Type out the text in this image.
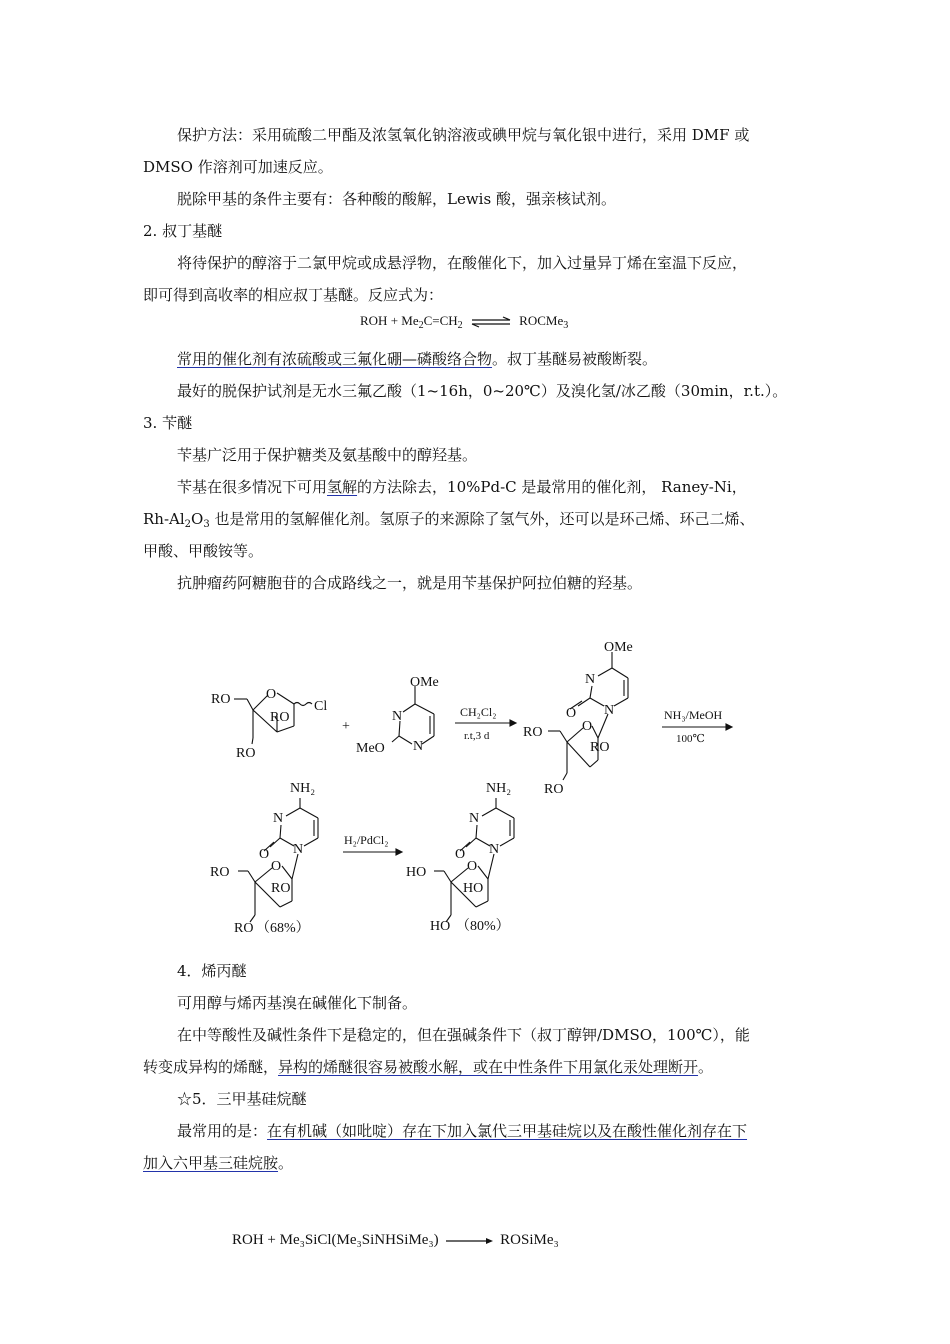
保护方法：采用硫酸二甲酯及浓氢氧化钠溶液或碘甲烷与氧化银中进行，采用 DMF 或
DMSO 作溶剂可加速反应。
脱除甲基的条件主要有：各种酸的酸解，Lewis 酸，强亲核试剂。
2. 叔丁基醚
将待保护的醇溶于二氯甲烷或成悬浮物，在酸催化下，加入过量异丁烯在室温下反应，
即可得到高收率的相应叔丁基醚。反应式为：
ROH + $Me_2C=CH_2$ ⇌ ROCMe$_3$
常用的催化剂有浓硫酸或三氟化硼—磷酸络合物。叔丁基醚易被酸断裂。
最好的脱保护试剂是无水三氟乙酸（1~16h，0~20℃）及溴化氢/冰乙酸（30min，r.t.）。
3. 苄醚
苄基广泛用于保护糖类及氨基酸中的醇羟基。
苄基在很多情况下可用氢解的方法除去，10%Pd-C 是最常用的催化剂， Raney-Ni，
$Rh-Al_2O_3$ 也是常用的氢解催化剂。氢原子的来源除了氢气外，还可以是环己烯、环己二烯、
甲酸、甲酸铵等。
抗肿瘤药阿糖胞苷的合成路线之一，就是用苄基保护阿拉伯糖的羟基。
RO	O
RO
Cl
RO
+
OMe
N
N
MeO
CH₂Cl₂
r.t,3 d
OMe
N
O N
RO	O
RO
RO
NH₃/MeOH
100℃
NH₂
N
O N
RO	O
RO
RO （68%）
H₂/PdCl₂
NH₂
N
O N
HO	O
HO
HO （80%）
4．烯丙醚
可用醇与烯丙基溴在碱催化下制备。
在中等酸性及碱性条件下是稳定的，但在强碱条件下（叔丁醇钾/DMSO，100℃），能
转变成异构的烯醚，异构的烯醚很容易被酸水解，或在中性条件下用氯化汞处理断开。
☆5．三甲基硅烷醚
最常用的是：在有机碱（如吡啶）存在下加入氯代三甲基硅烷以及在酸性催化剂存在下
加入六甲基三硅烷胺。
ROH + Me₃SiCl(Me₃SiNHSiMe₃) → ROSiMe₃
